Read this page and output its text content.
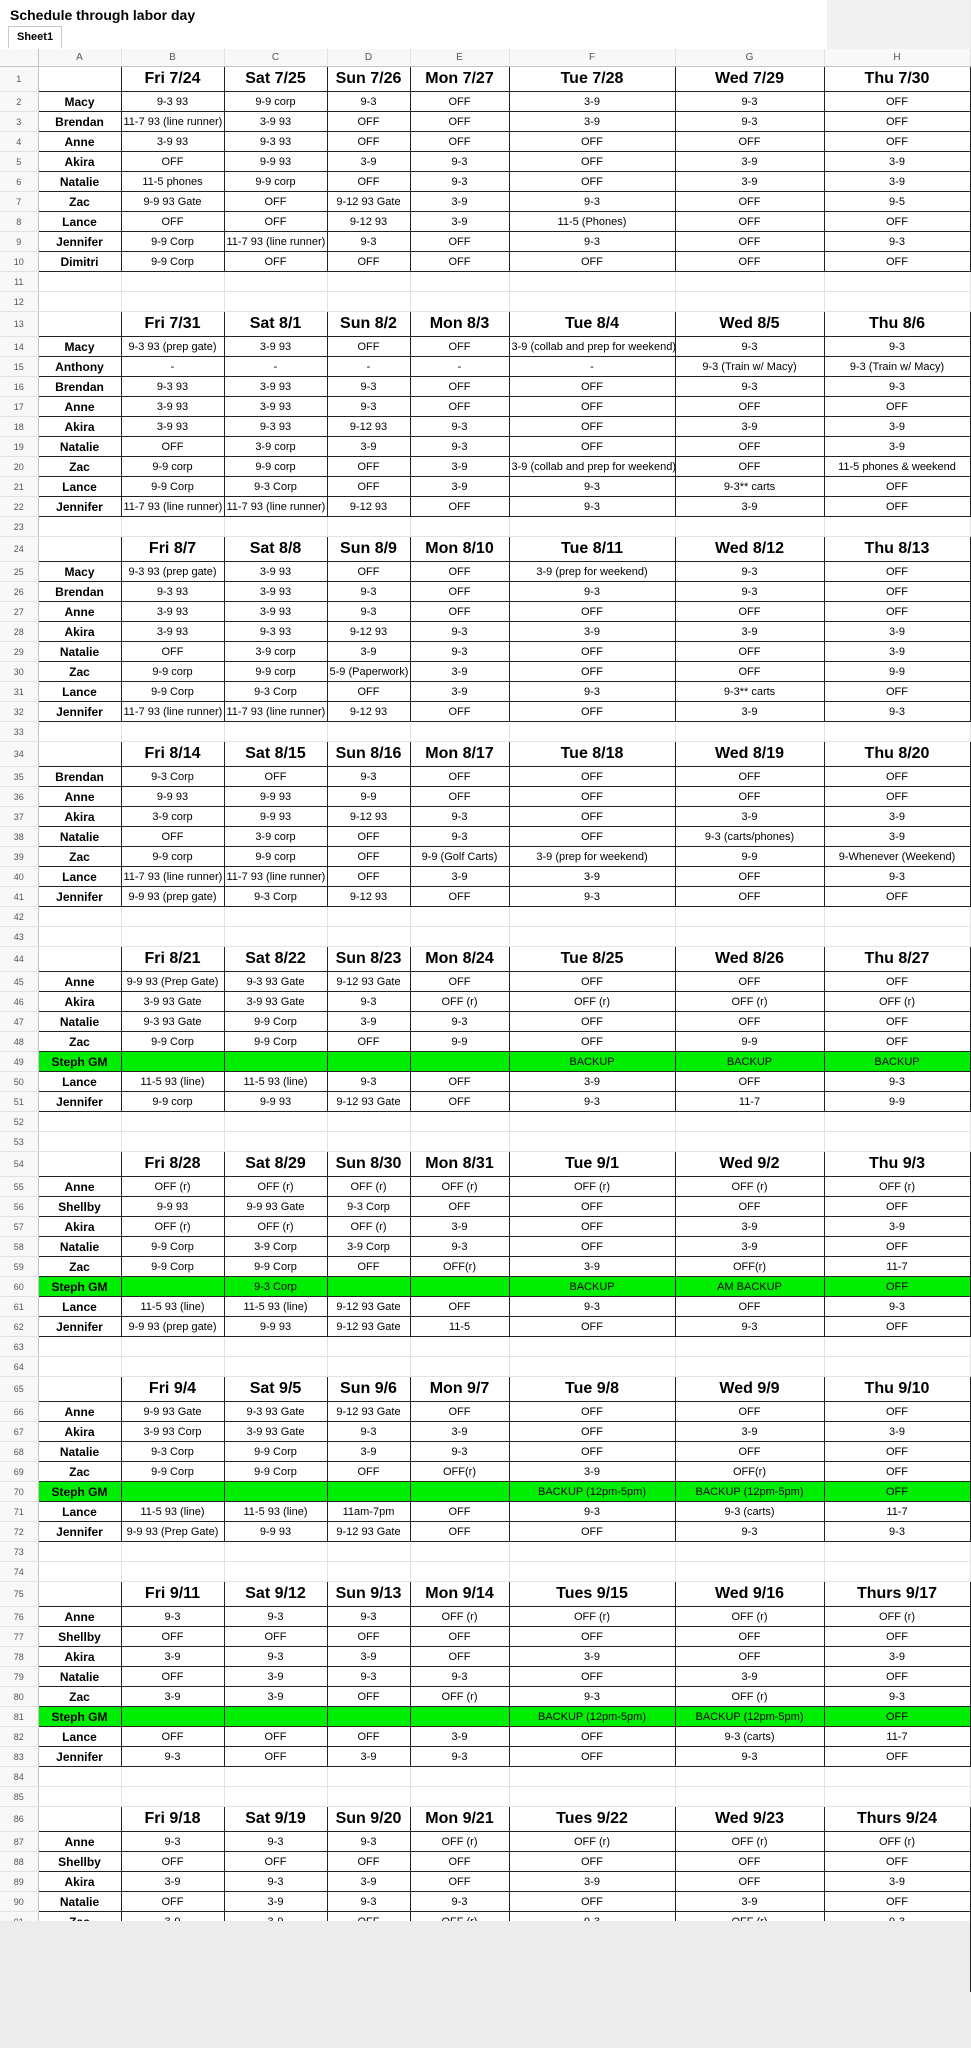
Schedule through labor day
Sheet1
	A	B	C	D	E	F	G	H
1		Fri 7/24	Sat 7/25	Sun 7/26	Mon 7/27	Tue 7/28	Wed 7/29	Thu 7/30
2	Macy	9-3 93	9-9 corp	9-3	OFF	3-9	9-3	OFF
3	Brendan	11-7 93 (line runner)	3-9 93	OFF	OFF	3-9	9-3	OFF
4	Anne	3-9 93	9-3 93	OFF	OFF	OFF	OFF	OFF
5	Akira	OFF	9-9 93	3-9	9-3	OFF	3-9	3-9
6	Natalie	11-5 phones	9-9 corp	OFF	9-3	OFF	3-9	3-9
7	Zac	9-9 93 Gate	OFF	9-12 93 Gate	3-9	9-3	OFF	9-5
8	Lance	OFF	OFF	9-12 93	3-9	11-5 (Phones)	OFF	OFF
9	Jennifer	9-9 Corp	11-7 93 (line runner)	9-3	OFF	9-3	OFF	9-3
10	Dimitri	9-9 Corp	OFF	OFF	OFF	OFF	OFF	OFF
11								
12								
13		Fri 7/31	Sat 8/1	Sun 8/2	Mon 8/3	Tue 8/4	Wed 8/5	Thu 8/6
14	Macy	9-3 93 (prep gate)	3-9 93	OFF	OFF	3-9 (collab and prep for weekend)	9-3	9-3
15	Anthony	-	-	-	-	-	9-3 (Train w/ Macy)	9-3 (Train w/ Macy)
16	Brendan	9-3 93	3-9 93	9-3	OFF	OFF	9-3	9-3
17	Anne	3-9 93	3-9 93	9-3	OFF	OFF	OFF	OFF
18	Akira	3-9 93	9-3 93	9-12 93	9-3	OFF	3-9	3-9
19	Natalie	OFF	3-9 corp	3-9	9-3	OFF	OFF	3-9
20	Zac	9-9 corp	9-9 corp	OFF	3-9	3-9 (collab and prep for weekend)	OFF	11-5 phones & weekend
21	Lance	9-9 Corp	9-3 Corp	OFF	3-9	9-3	9-3** carts	OFF
22	Jennifer	11-7 93 (line runner)	11-7 93 (line runner)	9-12 93	OFF	9-3	3-9	OFF
23								
24		Fri 8/7	Sat 8/8	Sun 8/9	Mon 8/10	Tue 8/11	Wed 8/12	Thu 8/13
25	Macy	9-3 93 (prep gate)	3-9 93	OFF	OFF	3-9 (prep for weekend)	9-3	OFF
26	Brendan	9-3 93	3-9 93	9-3	OFF	9-3	9-3	OFF
27	Anne	3-9 93	3-9 93	9-3	OFF	OFF	OFF	OFF
28	Akira	3-9 93	9-3 93	9-12 93	9-3	3-9	3-9	3-9
29	Natalie	OFF	3-9 corp	3-9	9-3	OFF	OFF	3-9
30	Zac	9-9 corp	9-9 corp	5-9 (Paperwork)	3-9	OFF	OFF	9-9
31	Lance	9-9 Corp	9-3 Corp	OFF	3-9	9-3	9-3** carts	OFF
32	Jennifer	11-7 93 (line runner)	11-7 93 (line runner)	9-12 93	OFF	OFF	3-9	9-3
33								
34		Fri 8/14	Sat 8/15	Sun 8/16	Mon 8/17	Tue 8/18	Wed 8/19	Thu 8/20
35	Brendan	9-3 Corp	OFF	9-3	OFF	OFF	OFF	OFF
36	Anne	9-9 93	9-9 93	9-9	OFF	OFF	OFF	OFF
37	Akira	3-9 corp	9-9 93	9-12 93	9-3	OFF	3-9	3-9
38	Natalie	OFF	3-9 corp	OFF	9-3	OFF	9-3 (carts/phones)	3-9
39	Zac	9-9 corp	9-9 corp	OFF	9-9 (Golf Carts)	3-9 (prep for weekend)	9-9	9-Whenever (Weekend)
40	Lance	11-7 93 (line runner)	11-7 93 (line runner)	OFF	3-9	3-9	OFF	9-3
41	Jennifer	9-9 93 (prep gate)	9-3 Corp	9-12 93	OFF	9-3	OFF	OFF
42								
43								
44		Fri 8/21	Sat 8/22	Sun 8/23	Mon 8/24	Tue 8/25	Wed 8/26	Thu 8/27
45	Anne	9-9 93 (Prep Gate)	9-3 93 Gate	9-12 93 Gate	OFF	OFF	OFF	OFF
46	Akira	3-9 93 Gate	3-9 93 Gate	9-3	OFF (r)	OFF (r)	OFF (r)	OFF (r)
47	Natalie	9-3 93 Gate	9-9 Corp	3-9	9-3	OFF	OFF	OFF
48	Zac	9-9 Corp	9-9 Corp	OFF	9-9	OFF	9-9	OFF
49	Steph GM					BACKUP	BACKUP	BACKUP
50	Lance	11-5 93 (line)	11-5 93 (line)	9-3	OFF	3-9	OFF	9-3
51	Jennifer	9-9 corp	9-9 93	9-12 93 Gate	OFF	9-3	11-7	9-9
52								
53								
54		Fri 8/28	Sat 8/29	Sun 8/30	Mon 8/31	Tue 9/1	Wed 9/2	Thu 9/3
55	Anne	OFF (r)	OFF (r)	OFF (r)	OFF (r)	OFF (r)	OFF (r)	OFF (r)
56	Shellby	9-9 93	9-9 93 Gate	9-3 Corp	OFF	OFF	OFF	OFF
57	Akira	OFF (r)	OFF (r)	OFF (r)	3-9	OFF	3-9	3-9
58	Natalie	9-9 Corp	3-9 Corp	3-9 Corp	9-3	OFF	3-9	OFF
59	Zac	9-9 Corp	9-9 Corp	OFF	OFF(r)	3-9	OFF(r)	11-7
60	Steph GM		9-3 Corp			BACKUP	AM BACKUP	OFF
61	Lance	11-5 93 (line)	11-5 93 (line)	9-12 93 Gate	OFF	9-3	OFF	9-3
62	Jennifer	9-9 93 (prep gate)	9-9 93	9-12 93 Gate	11-5	OFF	9-3	OFF
63								
64								
65		Fri 9/4	Sat 9/5	Sun 9/6	Mon 9/7	Tue 9/8	Wed 9/9	Thu 9/10
66	Anne	9-9 93 Gate	9-3 93 Gate	9-12 93 Gate	OFF	OFF	OFF	OFF
67	Akira	3-9 93 Corp	3-9 93 Gate	9-3	3-9	OFF	3-9	3-9
68	Natalie	9-3 Corp	9-9 Corp	3-9	9-3	OFF	OFF	OFF
69	Zac	9-9 Corp	9-9 Corp	OFF	OFF(r)	3-9	OFF(r)	OFF
70	Steph GM					BACKUP (12pm-5pm)	BACKUP (12pm-5pm)	OFF
71	Lance	11-5 93 (line)	11-5 93 (line)	11am-7pm	OFF	9-3	9-3 (carts)	11-7
72	Jennifer	9-9 93 (Prep Gate)	9-9 93	9-12 93 Gate	OFF	OFF	9-3	9-3
73								
74								
75		Fri 9/11	Sat 9/12	Sun 9/13	Mon 9/14	Tues 9/15	Wed 9/16	Thurs 9/17
76	Anne	9-3	9-3	9-3	OFF (r)	OFF (r)	OFF (r)	OFF (r)
77	Shellby	OFF	OFF	OFF	OFF	OFF	OFF	OFF
78	Akira	3-9	9-3	3-9	OFF	3-9	OFF	3-9
79	Natalie	OFF	3-9	9-3	9-3	OFF	3-9	OFF
80	Zac	3-9	3-9	OFF	OFF (r)	9-3	OFF (r)	9-3
81	Steph GM					BACKUP (12pm-5pm)	BACKUP (12pm-5pm)	OFF
82	Lance	OFF	OFF	OFF	3-9	OFF	9-3 (carts)	11-7
83	Jennifer	9-3	OFF	3-9	9-3	OFF	9-3	OFF
84								
85								
86		Fri 9/18	Sat 9/19	Sun 9/20	Mon 9/21	Tues 9/22	Wed 9/23	Thurs 9/24
87	Anne	9-3	9-3	9-3	OFF (r)	OFF (r)	OFF (r)	OFF (r)
88	Shellby	OFF	OFF	OFF	OFF	OFF	OFF	OFF
89	Akira	3-9	9-3	3-9	OFF	3-9	OFF	3-9
90	Natalie	OFF	3-9	9-3	9-3	OFF	3-9	OFF
